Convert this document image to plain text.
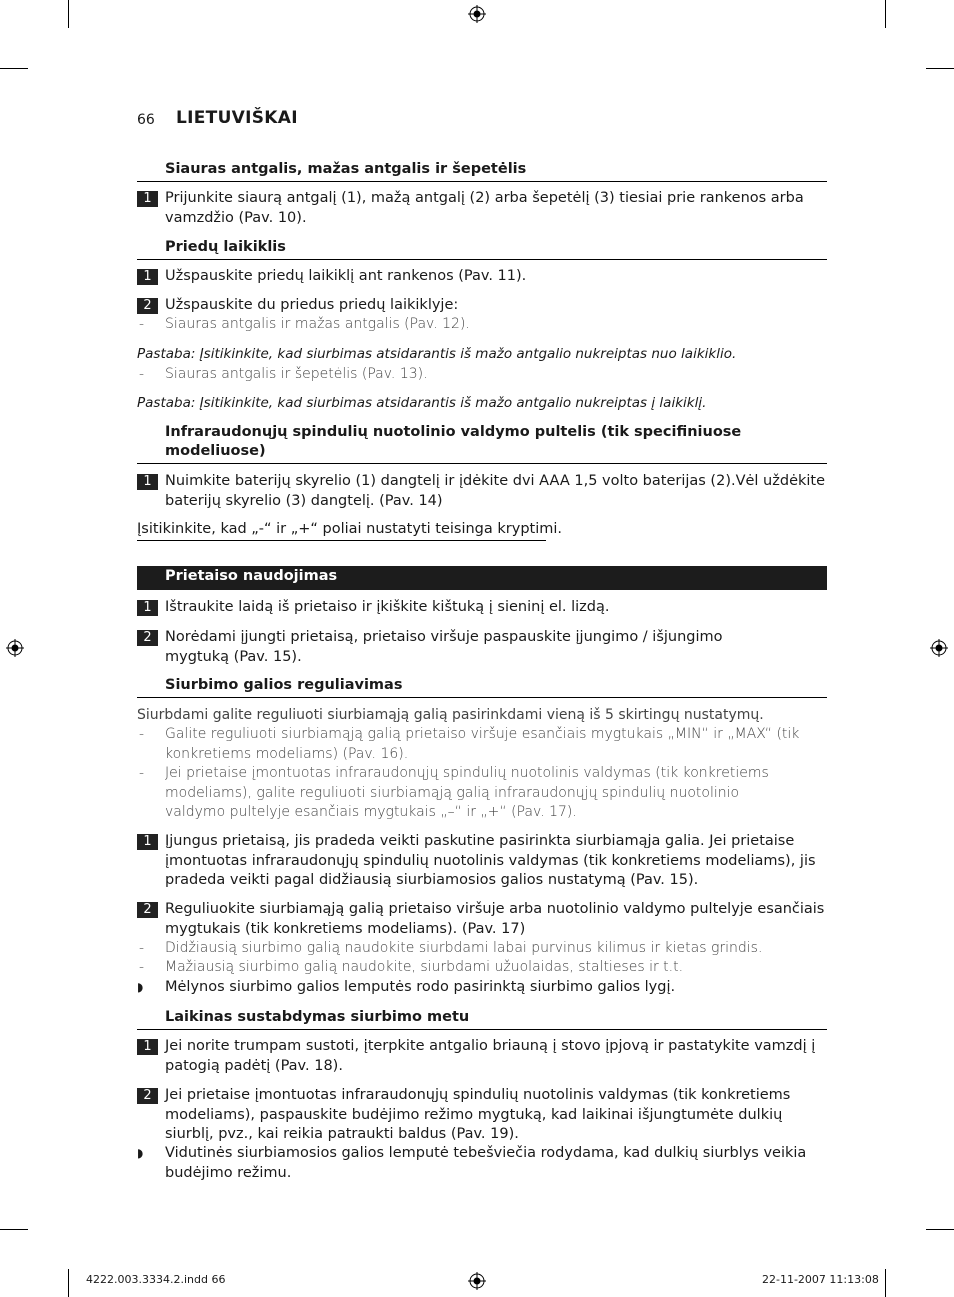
66 LIETUVIŠKAI
Siauras antgalis, mažas antgalis ir šepetėlis
1 Prijunkite siaurą antgalį (1), mažą antgalį (2) arba šepetėlį (3) tiesiai prie rankenos arba vamzdžio (Pav. 10).
Priedų laikiklis
1 Užspauskite priedų laikiklį ant rankenos (Pav. 11).
2 Užspauskite du priedus priedų laikiklyje:
- Siauras antgalis ir mažas antgalis (Pav. 12).
Pastaba: Įsitikinkite, kad siurbimas atsidarantis iš mažo antgalio nukreiptas nuo laikiklio.
- Siauras antgalis ir šepetėlis (Pav. 13).
Pastaba: Įsitikinkite, kad siurbimas atsidarantis iš mažo antgalio nukreiptas į laikiklį.
Infraraudonųjų spindulių nuotolinio valdymo pultelis (tik specifiniuose modeliuose)
1 Nuimkite baterijų skyrelio (1) dangtelį ir įdėkite dvi AAA 1,5 volto baterijas (2).Vėl uždėkite baterijų skyrelio (3) dangtelį. (Pav. 14)
Įsitikinkite, kad „-“ ir „+“ poliai nustatyti teisinga kryptimi.
Prietaiso naudojimas
1 Ištraukite laidą iš prietaiso ir įkiškite kištuką į sieninį el. lizdą.
2 Norėdami įjungti prietaisą, prietaiso viršuje paspauskite įjungimo / išjungimo mygtuką (Pav. 15).
Siurbimo galios reguliavimas
Siurbdami galite reguliuoti siurbiamąją galią pasirinkdami vieną iš 5 skirtingų nustatymų.
- Galite reguliuoti siurbiamąją galią prietaiso viršuje esančiais mygtukais „MIN“ ir „MAX“ (tik konkretiems modeliams) (Pav. 16).
- Jei prietaise įmontuotas infraraudonųjų spindulių nuotolinis valdymas (tik konkretiems modeliams), galite reguliuoti siurbiamąją galią infraraudonųjų spindulių nuotolinio valdymo pultelyje esančiais mygtukais „–“ ir „+“ (Pav. 17).
1 Įjungus prietaisą, jis pradeda veikti paskutine pasirinkta siurbiamąja galia. Jei prietaise įmontuotas infraraudonųjų spindulių nuotolinis valdymas (tik konkretiems modeliams), jis pradeda veikti pagal didžiausią siurbiamosios galios nustatymą (Pav. 15).
2 Reguliuokite siurbiamąją galią prietaiso viršuje arba nuotolinio valdymo pultelyje esančiais mygtukais (tik konkretiems modeliams). (Pav. 17)
- Didžiausią siurbimo galią naudokite siurbdami labai purvinus kilimus ir kietas grindis.
- Mažiausią siurbimo galią naudokite, siurbdami užuolaidas, staltieses ir t.t.
◗ Mėlynos siurbimo galios lemputės rodo pasirinktą siurbimo galios lygį.
Laikinas sustabdymas siurbimo metu
1 Jei norite trumpam sustoti, įterpkite antgalio briauną į stovo įpjovą ir pastatykite vamzdį į patogią padėtį (Pav. 18).
2 Jei prietaise įmontuotas infraraudonųjų spindulių nuotolinis valdymas (tik konkretiems modeliams), paspauskite budėjimo režimo mygtuką, kad laikinai išjungtumėte dulkių siurblį, pvz., kai reikia patraukti baldus (Pav. 19).
◗ Vidutinės siurbiamosios galios lemputė tebešviečia rodydama, kad dulkių siurblys veikia budėjimo režimu.
4222.003.3334.2.indd 66	22-11-2007 11:13:08
